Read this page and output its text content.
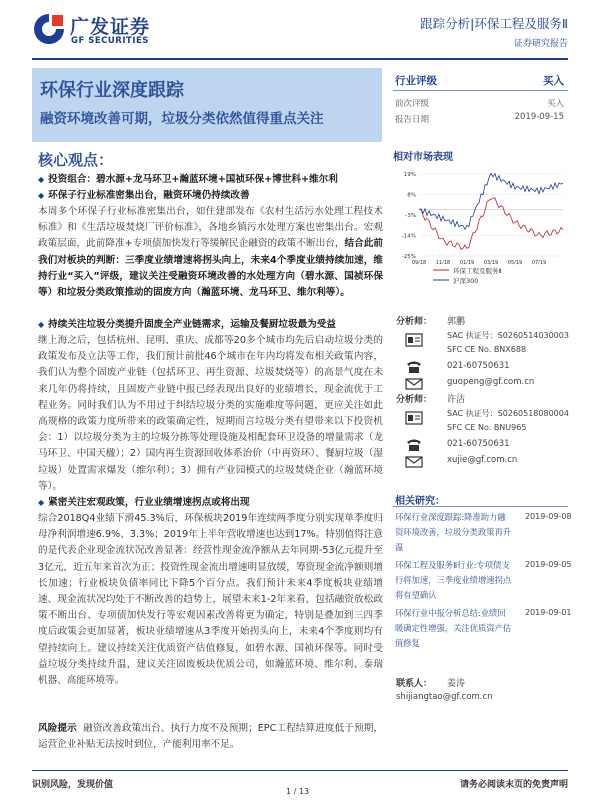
广发证券
GF SECURITIES
跟踪分析|环保工程及服务Ⅱ
证券研究报告
环保行业深度跟踪
融资环境改善可期，垃圾分类依然值得重点关注
行业评级	买入
前次评级	买入
报告日期	2019-09-15
核心观点：
◆ 投资组合：碧水源+龙马环卫+瀚蓝环境+国祯环保+博世科+维尔利
◆ 环保子行业标准密集出台，融资环境仍持续改善
本周多个环保子行业标准密集出台，如住建部发布《农村生活污水处理工程技术标准》和《生活垃圾焚烧厂评价标准》，各地乡镇污水处理方案也密集出台。宏观政策层面，此前降准+专项债加快发行等缓解民企融资的政策不断出台，结合此前我们对板块的判断：三季度业绩增速将拐头向上，未来4个季度业绩持续加速，维持行业“买入”评级，建议关注受融资环境改善的水处理方向（碧水源、国祯环保等）和垃圾分类政策推动的固废方向（瀚蓝环境、龙马环卫、维尔利等）。
◆ 持续关注垃圾分类提升固废全产业链需求，运输及餐厨垃圾最为受益
继上海之后，包括杭州、昆明、重庆、成都等20多个城市均先后启动垃圾分类的政策发布及立法等工作，我们预计前批46个城市在年内均将发布相关政策内容，我们认为整个固废产业链（包括环卫、再生资源、垃圾焚烧等）的高景气度在未来几年仍将持续，且固废产业链中报已经表现出良好的业绩增长，现金流优于工程业务。同时我们认为不用过于纠结垃圾分类的实施难度等问题，更应关注如此高规格的政策力度所带来的政策确定性，短期而言垃圾分类有望带来以下投资机会：1）以垃圾分类为主的垃圾分拣等处理设施及相配套环卫设备的增量需求（龙马环卫、中国天楹）；2）国内再生资源回收体系治价（中再资环）、餐厨垃圾（湿垃圾）处置需求爆发（维尔利）；3）拥有产业园模式的垃圾焚烧企业（瀚蓝环境等）。
◆ 紧密关注宏观政策，行业业绩增速拐点或将出现
综合2018Q4业绩下滑45.3%后，环保板块2019年连续两季度分别实现单季度归母净利润增速6.9%、3.3%；2019年上半年营收增速也达到17%。特别值得注意的是代表企业现金流状况改善显著：经营性现金流净额从去年同期-53亿元提升至3亿元，近五年来首次为正；投资性现金流出增速明显放缓，筹资现金流净额则增长加速；行业板块负债率同比下降5个百分点。我们预计未来4季度板块业绩增速、现金流状况均处于不断改善的趋势上，展望未来1-2年来看，包括融资放松政策不断出台、专项债加快发行等宏观因素改善将更为确定，特别是叠加到三四季度后政策会更加显著，板块业绩增速从3季度开始拐头向上，未来4个季度则均有望持续向上。建议持续关注优质资产估值修复，如碧水源、国祯环保等。同时受益垃圾分类持续升温，建议关注固废板块优质公司，如瀚蓝环境、维尔利、泰瑞机器、高能环境等。
风险提示 融资改善政策出台、执行力度不及预期；EPC工程结算进度低于预期，运营企业补贴无法按时到位，产能利用率不足。
相对市场表现
19%
8%
-3%
-14%
-25%
09/18 11/18 01/19 03/19 05/19 07/19
环保工程及服务Ⅱ
沪深300
分析师： 郭鹏
SAC 执证号：S0260514030003
SFC CE No. BNX688
021-60750631
guopeng@gf.com.cn
分析师： 许洁
SAC 执证号：S0260518080004
SFC CE No. BNU965
021-60750631
xujie@gf.com.cn
相关研究：
环保行业深度跟踪:降准助力融资环境改善，垃圾分类政策再升温
2019-09-08
环保工程及服务Ⅱ行业:专项债支行将加速，三季度业绩增速拐点将有望确认
2019-09-05
环保行业中报分析总结:业绩回暖确定性增强，关注优质资产估值修复
2019-09-01
联系人： 姜涛
shijiangtao@gf.com.cn
识别风险，发现价值	请务必阅读末页的免责声明
1 / 13
